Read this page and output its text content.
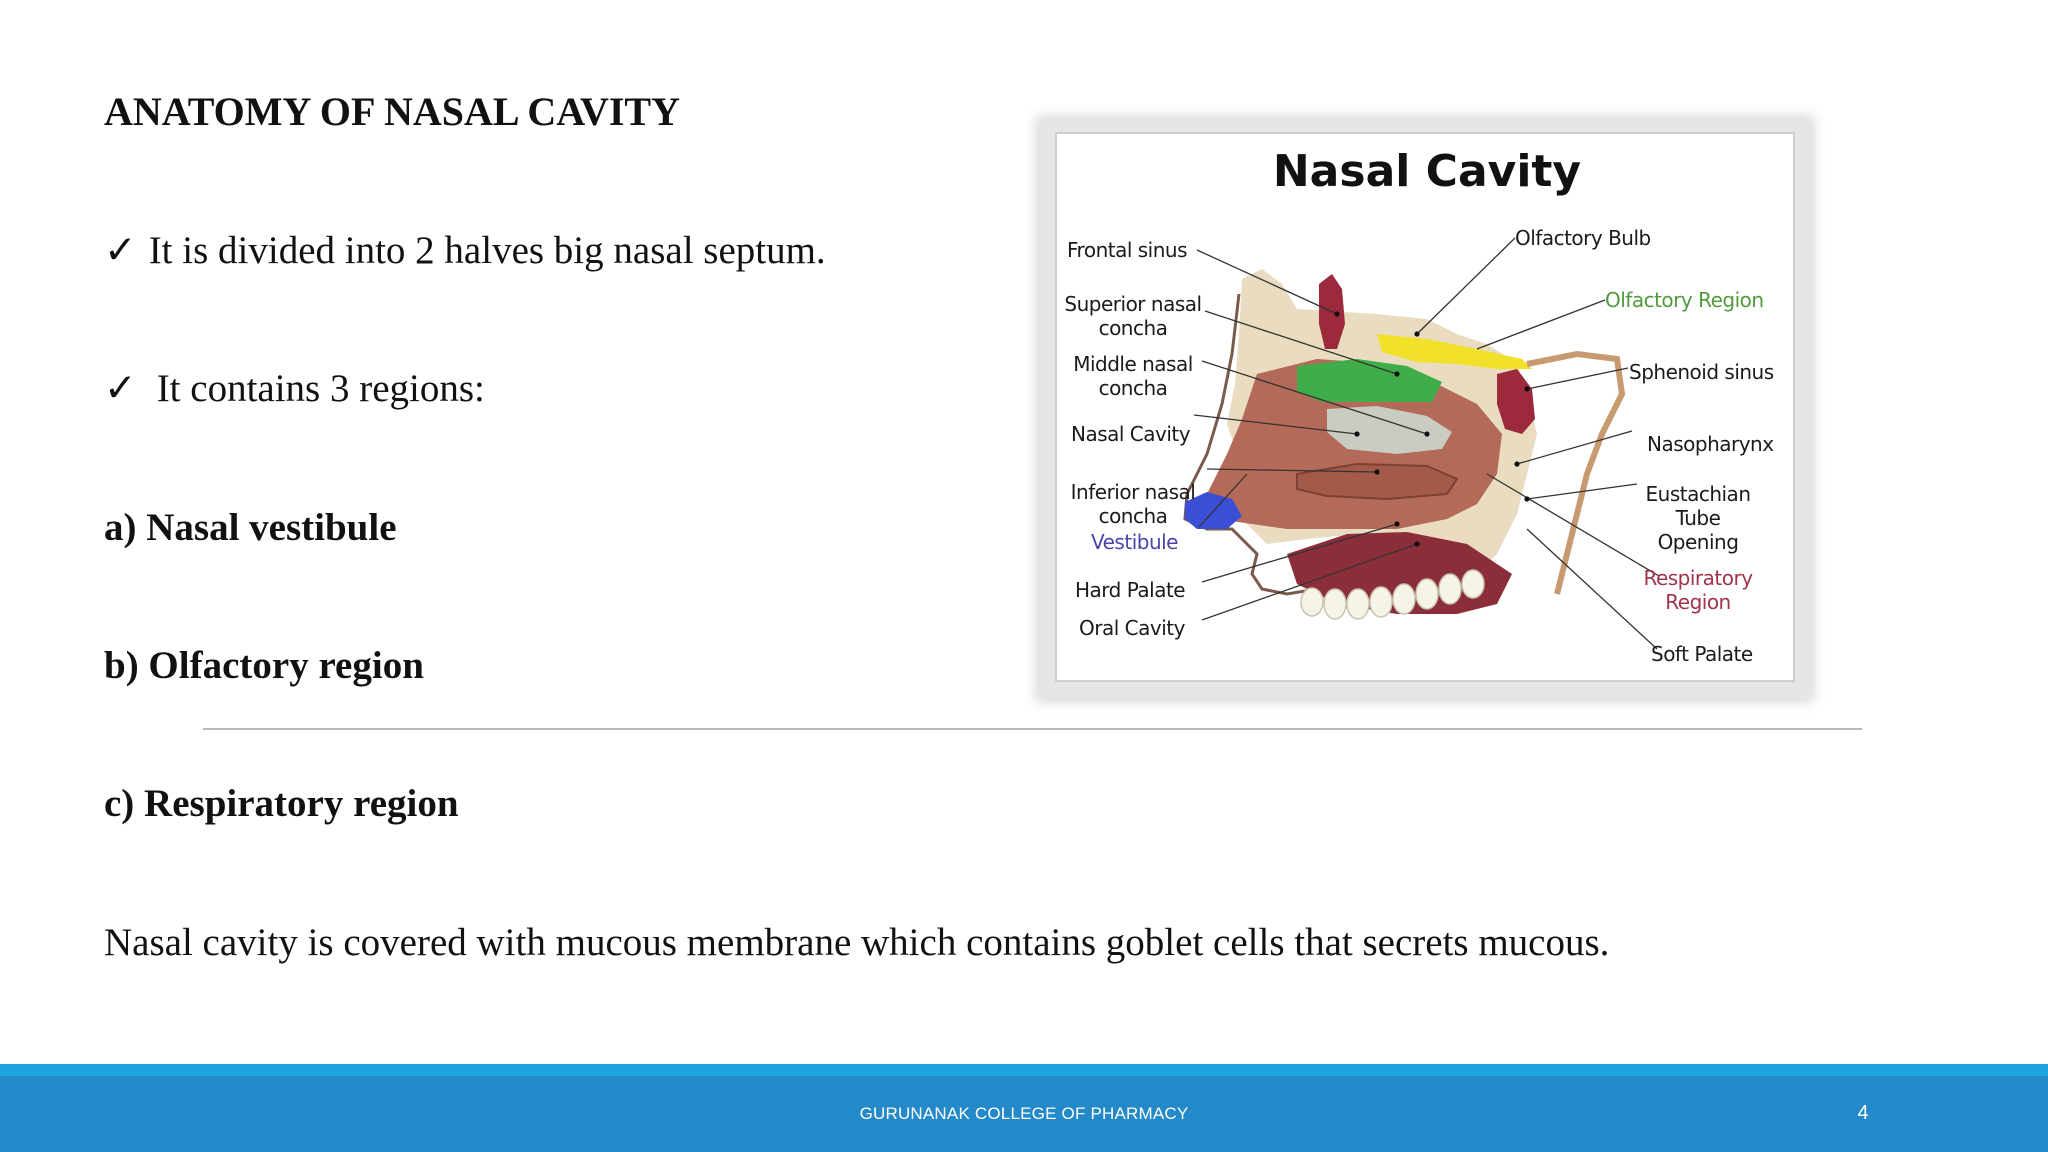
ANATOMY OF NASAL CAVITY
✓ It is divided into 2 halves big nasal septum.
✓ It contains 3 regions:
a) Nasal vestibule
b) Olfactory region
c) Respiratory region
Nasal cavity is covered with mucous membrane which contains goblet cells that secrets mucous.
Nasal Cavity
Frontal sinus
Superior nasal
concha
Middle nasal
concha
Nasal Cavity
Inferior nasal
concha
Vestibule
Hard Palate
Oral Cavity
Olfactory Bulb
Olfactory Region
Sphenoid sinus
Nasopharynx
Eustachian
Tube
Opening
Respiratory
Region
Soft Palate
GURUNANAK COLLEGE OF PHARMACY	4
